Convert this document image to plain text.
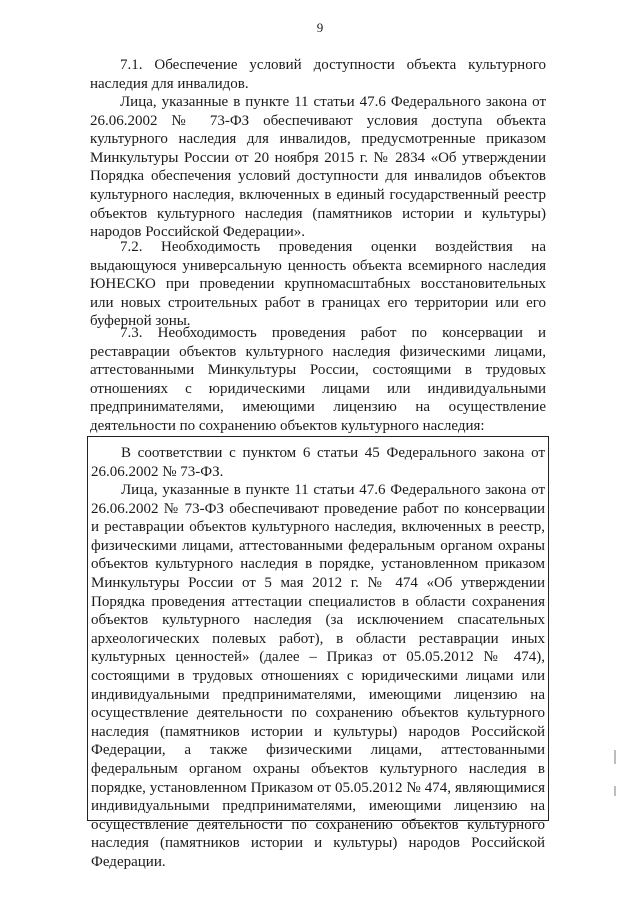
9

7.1. Обеспечение условий доступности объекта культурного наследия для инвалидов.

Лица, указанные в пункте 11 статьи 47.6 Федерального закона от 26.06.2002 № 73-ФЗ обеспечивают условия доступа объекта культурного наследия для инвалидов, предусмотренные приказом Минкультуры России от 20 ноября 2015 г. № 2834 «Об утверждении Порядка обеспечения условий доступности для инвалидов объектов культурного наследия, включенных в единый государственный реестр объектов культурного наследия (памятников истории и культуры) народов Российской Федерации».

7.2. Необходимость проведения оценки воздействия на выдающуюся универсальную ценность объекта всемирного наследия ЮНЕСКО при проведении крупномасштабных восстановительных или новых строительных работ в границах его территории или его буферной зоны.

7.3. Необходимость проведения работ по консервации и реставрации объектов культурного наследия физическими лицами, аттестованными Минкультуры России, состоящими в трудовых отношениях с юридическими лицами или индивидуальными предпринимателями, имеющими лицензию на осуществление деятельности по сохранению объектов культурного наследия:

В соответствии с пунктом 6 статьи 45 Федерального закона от 26.06.2002 № 73-ФЗ.

Лица, указанные в пункте 11 статьи 47.6 Федерального закона от 26.06.2002 № 73-ФЗ обеспечивают проведение работ по консервации и реставрации объектов культурного наследия, включенных в реестр, физическими лицами, аттестованными федеральным органом охраны объектов культурного наследия в порядке, установленном приказом Минкультуры России от 5 мая 2012 г. № 474 «Об утверждении Порядка проведения аттестации специалистов в области сохранения объектов культурного наследия (за исключением спасательных археологических полевых работ), в области реставрации иных культурных ценностей» (далее – Приказ от 05.05.2012 № 474), состоящими в трудовых отношениях с юридическими лицами или индивидуальными предпринимателями, имеющими лицензию на осуществление деятельности по сохранению объектов культурного наследия (памятников истории и культуры) народов Российской Федерации, а также физическими лицами, аттестованными федеральным органом охраны объектов культурного наследия в порядке, установленном Приказом от 05.05.2012 № 474, являющимися индивидуальными предпринимателями, имеющими лицензию на осуществление деятельности по сохранению объектов культурного наследия (памятников истории и культуры) народов Российской Федерации.
